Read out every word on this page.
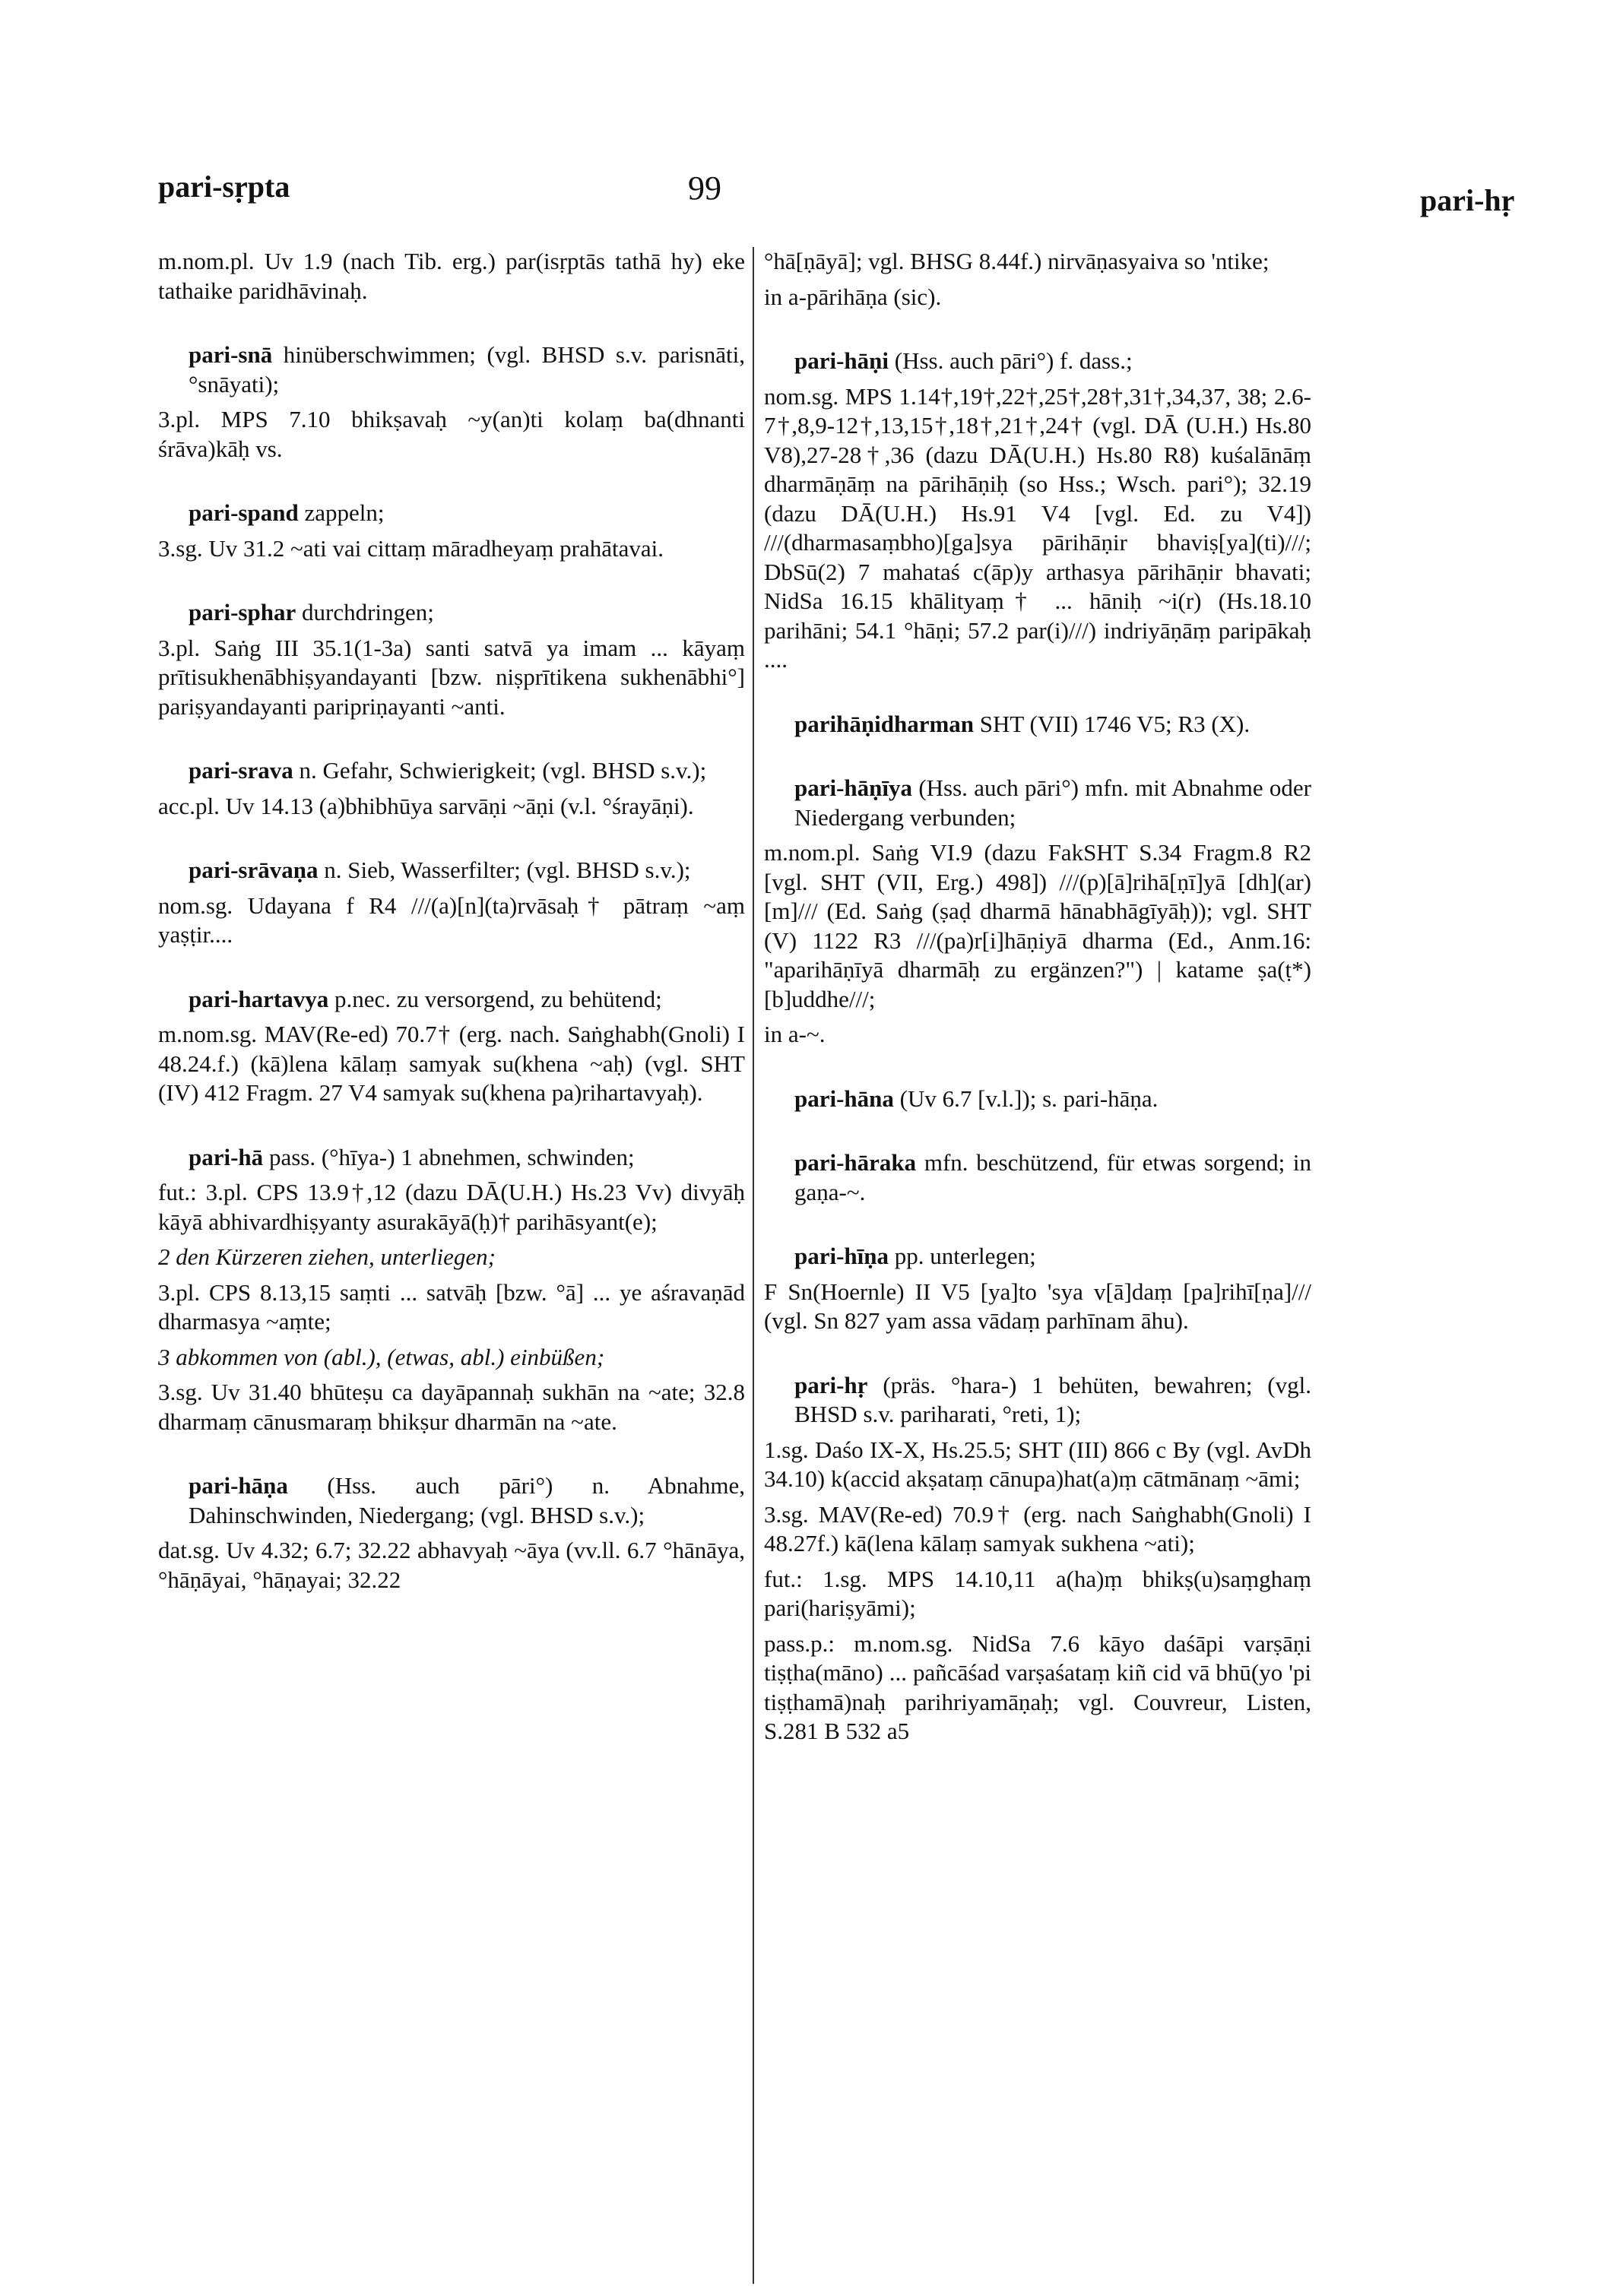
pari-sṛpta	99	pari-hṛ
m.nom.pl. Uv 1.9 (nach Tib. erg.) par(isṛptās tathā hy) eke tathaike paridhāvinaḥ.
pari-snā hinüberschwimmen; (vgl. BHSD s.v. parisnāti, °snāyati);
3.pl. MPS 7.10 bhikṣavaḥ ~y(an)ti kolaṃ ba(dhnanti śrāva)kāḥ vs.
pari-spand zappeln;
3.sg. Uv 31.2 ~ati vai cittaṃ māradheyaṃ prahātavai.
pari-sphar durchdringen;
3.pl. Saṅg III 35.1(1-3a) santi satvā ya imam ... kāyaṃ prītisukhenābhiṣyandayanti [bzw. niṣprītikena sukhenābhi°] pariṣyandayanti paripriṇayanti ~anti.
pari-srava n. Gefahr, Schwierigkeit; (vgl. BHSD s.v.);
acc.pl. Uv 14.13 (a)bhibhūya sarvāṇi ~āṇi (v.l. °śrayāṇi).
pari-srāvaṇa n. Sieb, Wasserfilter; (vgl. BHSD s.v.);
nom.sg. Udayana f R4 ///(a)[n](ta)rvāsaḥ† pātraṃ ~aṃ yaṣṭir....
pari-hartavya p.nec. zu versorgend, zu behütend;
m.nom.sg. MAV(Re-ed) 70.7† (erg. nach. Saṅghabh(Gnoli) I 48.24.f.) (kā)lena kālaṃ samyak su(khena ~aḥ) (vgl. SHT (IV) 412 Fragm. 27 V4 samyak su(khena pa)rihartavyaḥ).
pari-hā pass. (°hīya-) 1 abnehmen, schwinden;
fut.: 3.pl. CPS 13.9†,12 (dazu DĀ(U.H.) Hs.23 Vv) divyāḥ kāyā abhivardhiṣyanty asurakāyā(ḥ)† parihāsyant(e);
2 den Kürzeren ziehen, unterliegen;
3.pl. CPS 8.13,15 saṃti ... satvāḥ [bzw. °ā] ... ye aśravaṇād dharmasya ~aṃte;
3 abkommen von (abl.), (etwas, abl.) einbüßen;
3.sg. Uv 31.40 bhūteṣu ca dayāpannaḥ sukhān na ~ate; 32.8 dharmaṃ cānusmaraṃ bhikṣur dharmān na ~ate.
pari-hāṇa (Hss. auch pāri°) n. Abnahme, Dahinschwinden, Niedergang; (vgl. BHSD s.v.);
dat.sg. Uv 4.32; 6.7; 32.22 abhavyaḥ ~āya (vv.ll. 6.7 °hānāya, °hāṇāyai, °hāṇayai; 32.22
°hā[ṇāyā]; vgl. BHSG 8.44f.) nirvāṇasyaiva so 'ntike;
in a-pārihāṇa (sic).
pari-hāṇi (Hss. auch pāri°) f. dass.;
nom.sg. MPS 1.14†,19†,22†,25†,28†,31†,34,37, 38; 2.6-7†,8,9-12†,13,15†,18†,21†,24† (vgl. DĀ (U.H.) Hs.80 V8),27-28†,36 (dazu DĀ(U.H.) Hs.80 R8) kuśalānāṃ dharmāṇāṃ na pārihāṇiḥ (so Hss.; Wsch. pari°); 32.19 (dazu DĀ(U.H.) Hs.91 V4 [vgl. Ed. zu V4]) ///(dharmasaṃbho)[ga]sya pārihāṇir bhaviṣ[ya](ti)///; DbSū(2) 7 mahataś c(āp)y arthasya pārihāṇir bhavati; NidSa 16.15 khālityaṃ† ... hāniḥ ~i(r) (Hs.18.10 parihāni; 54.1 °hāṇi; 57.2 par(i)///) indriyāṇāṃ paripākaḥ ....
parihāṇidharman SHT (VII) 1746 V5; R3 (X).
pari-hāṇīya (Hss. auch pāri°) mfn. mit Abnahme oder Niedergang verbunden;
m.nom.pl. Saṅg VI.9 (dazu FakSHT S.34 Fragm.8 R2 [vgl. SHT (VII, Erg.) 498]) ///(p)[ā]rihā[ṇī]yā [dh](ar)[m]/// (Ed. Saṅg (ṣaḍ dharmā hānabhāgīyāḥ)); vgl. SHT (V) 1122 R3 ///(pa)r[i]hāṇiyā dharma (Ed., Anm.16: "aparihāṇīyā dharmāḥ zu ergänzen?") | katame ṣa(ṭ*) [b]uddhe///;
in a-~.
pari-hāna (Uv 6.7 [v.l.]); s. pari-hāṇa.
pari-hāraka mfn. beschützend, für etwas sorgend; in gaṇa-~.
pari-hīṇa pp. unterlegen;
F Sn(Hoernle) II V5 [ya]to 'sya v[ā]daṃ [pa]rihī[ṇa]/// (vgl. Sn 827 yam assa vādaṃ parhīnam āhu).
pari-hṛ (präs. °hara-) 1 behüten, bewahren; (vgl. BHSD s.v. pariharati, °reti, 1);
1.sg. Daśo IX-X, Hs.25.5; SHT (III) 866 c By (vgl. AvDh 34.10) k(accid akṣataṃ cānupa)hat(a)ṃ cātmānaṃ ~āmi;
3.sg. MAV(Re-ed) 70.9† (erg. nach Saṅghabh(Gnoli) I 48.27f.) kā(lena kālaṃ samyak sukhena ~ati);
fut.: 1.sg. MPS 14.10,11 a(ha)ṃ bhikṣ(u)saṃghaṃ pari(hariṣyāmi);
pass.p.: m.nom.sg. NidSa 7.6 kāyo daśāpi varṣāṇi tiṣṭha(māno) ... pañcāśad varṣaśataṃ kiñ cid vā bhū(yo 'pi tiṣṭhamā)naḥ parihriyamāṇaḥ; vgl. Couvreur, Listen, S.281 B 532 a5
